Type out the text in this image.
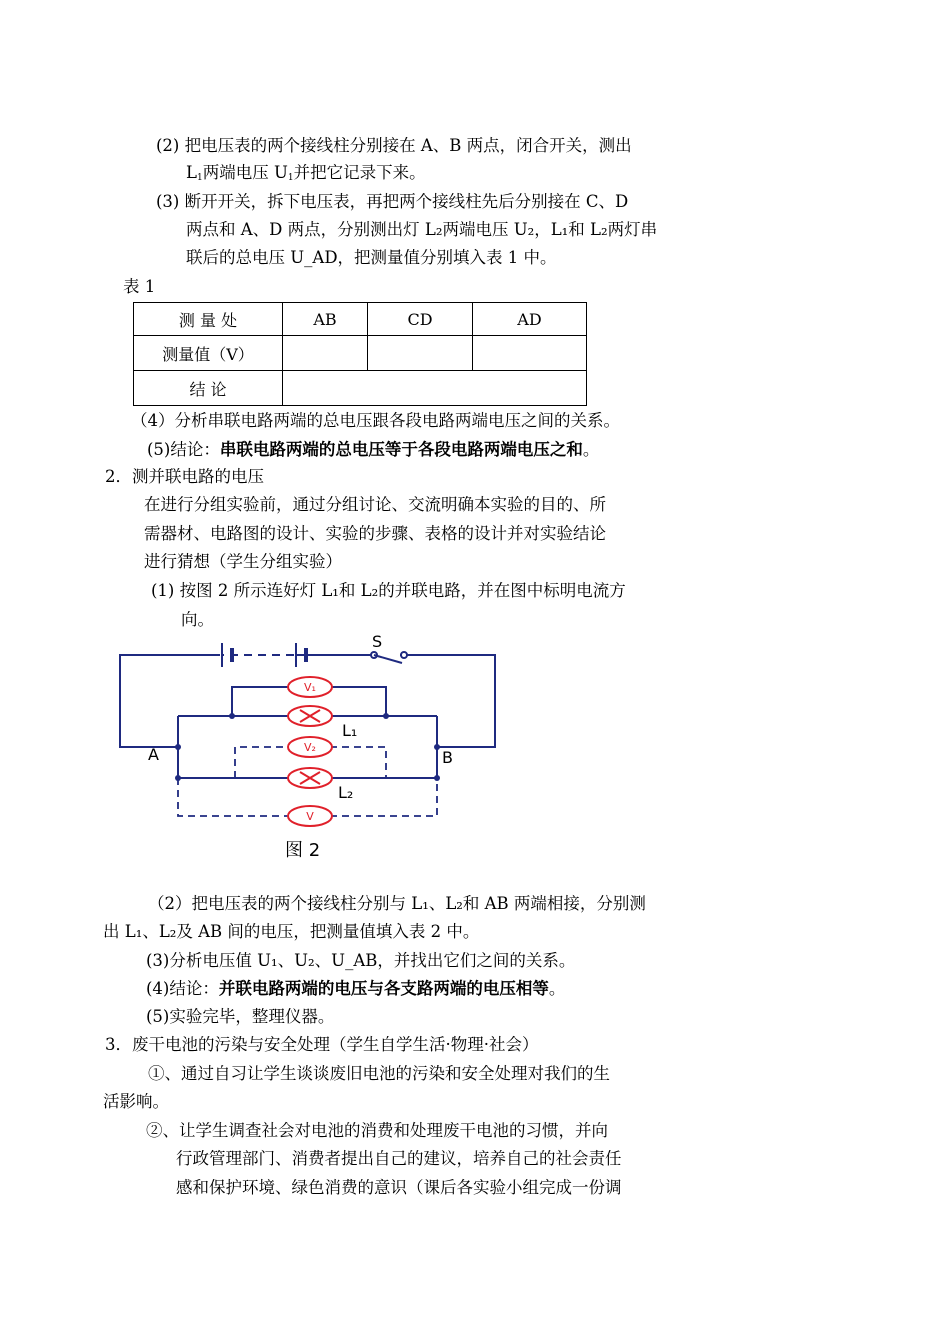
(2) 把电压表的两个接线柱分别接在 A、B 两点，闭合开关，测出
$L_1$两端电压 $U_1$并把它记录下来。
(3) 断开开关，拆下电压表，再把两个接线柱先后分别接在 C、D
两点和 A、D 两点，分别测出灯 L₂两端电压 U₂，L₁和 L₂两灯串
联后的总电压 U_AD，把测量值分别填入表 1 中。
表 1
测 量 处	AB	CD	AD
测量值（V）			
结 论			
（4）分析串联电路两端的总电压跟各段电路两端电压之间的关系。
(5)结论：串联电路两端的总电压等于各段电路两端电压之和。
2．测并联电路的电压
在进行分组实验前，通过分组讨论、交流明确本实验的目的、所
需器材、电路图的设计、实验的步骤、表格的设计并对实验结论
进行猜想（学生分组实验）
(1) 按图 2 所示连好灯 L₁和 L₂的并联电路，并在图中标明电流方
向。
V₁
V₂
V
S
A	B
L₁
L₂
图 2
（2）把电压表的两个接线柱分别与 L₁、L₂和 AB 两端相接，分别测
出 L₁、L₂及 AB 间的电压，把测量值填入表 2 中。
(3)分析电压值 U₁、U₂、U_AB，并找出它们之间的关系。
(4)结论：并联电路两端的电压与各支路两端的电压相等。
(5)实验完毕，整理仪器。
3．废干电池的污染与安全处理（学生自学生活·物理·社会）
①、通过自习让学生谈谈废旧电池的污染和安全处理对我们的生
活影响。
②、让学生调查社会对电池的消费和处理废干电池的习惯，并向
行政管理部门、消费者提出自己的建议，培养自己的社会责任
感和保护环境、绿色消费的意识（课后各实验小组完成一份调
